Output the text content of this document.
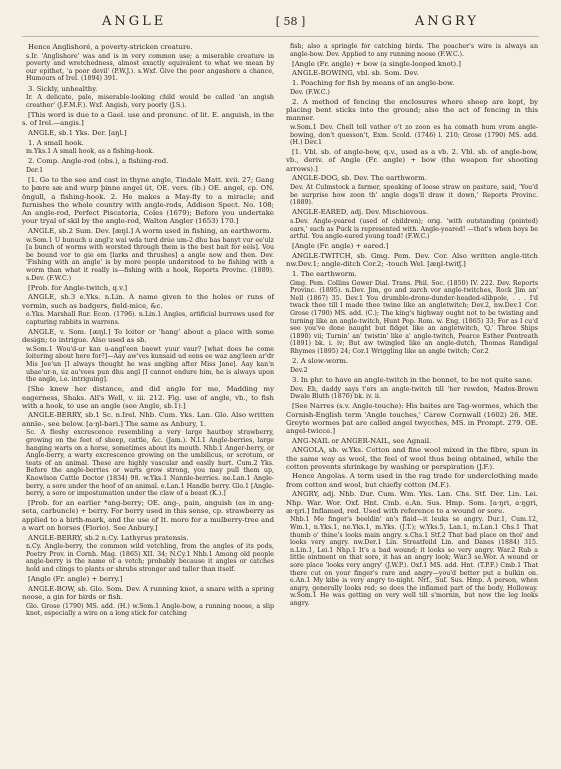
ANGLE	[ 58 ]	ANGRY

Hence Anglishoré, a poverty-stricken creature.

s.Ir. 'Anglishore' was and is in very common use; a miserable creature in poverty and wretchedness, almost exactly equivalent to what we mean by our epithet, 'a poor devil' (P.W.J.). s.Wxf. Give the poor angashore a chance, Humours of Irel. (1894) 391.

3. Sickly, unhealthy.

Ir. A delicate, pale, miserable-looking child would be called 'an angish creather' (J.F.M.F.). Wxf. Angish, very poorly (J.S.).

[This word is due to a Gael. use and pronunc. of lit. E. anguish, in the s. of Irel.—angis.]

ANGLE, sb.1 Yks. Der. [aŋl.]

1. A small hook.

m.Yks.1 A small hook, as a fishing-hook.

2. Comp. Angle-rod (obs.), a fishing-rod.

Der.1

[1. Go to the see and cast in thyne angle, Tindale Matt. xvii. 27; Gang to þære sæ and wurp þinne angel út, OE. vers. (ib.) OE. angel, cp. ON. öngull, a fishing-hook. 2. He makes a May-fly to a miracle; and furnishes the whole country with angle-rods, Addison Spect. No. 108; An angle-rod, Perfect Piscatoria, Coles (1679); Before you undertake your tryal of skil by the angle-rod, Walton Angler (1653) 170.]

ANGLE, sb.2 Sum. Dev. [æŋl.] A worm used in fishing, an earthworm.

w.Som.1 U bunuch u angl'z wai wda turd drúe um-2 dhu bas banyt vur ee'ulz [a bunch of worms with worsted through them is the best bait for eels]. Vou be bound vor to gie em [larks and thrushes] a angle now and then. Dev. 'Fishing with an angle' is by more people understood to be fishing with a worm than what it really is—fishing with a hook, Reports Provinc. (1889). s.Dev. (F.W.C.)

[Prob. for Angle-twitch, q.v.]

ANGLE, sb.3 e.Yks. n.Lin. A name given to the holes or runs of vermin, such as badgers, field-mice, &c.

e.Yks. Marshall Rur. Econ. (1796). n.Lin.1 Angles, artificial burrows used for capturing rabbits in warrens.

ANGLE, v. Som. [æŋl.] To loiter or 'hang' about a place with some design; to intrigue. Also used as sb.

w.Som.1 Wou'd-ur kan u-angl'een baewt yuur vaur? [what does he come loitering about here for?]—Aay aw'ves kunsaid ud eens ee waz ang'leen ar'dr Mis Jee'un [I always thought he was angling after Miss Jane]. Aay kan'n ubae'ur-n, úz au'vees pun dhu angl [I cannot endure him, he is always upon the angle, i.e. intriguing].

[She knew her distance, and did angle for me, Madding my eagerness, Shaks. All's Well, v. iii. 212. Fig. use of angle, vb., to fish with a hook, to use an angle (see Angle, sb.1).]

ANGLE-BERRY, sb.1 Sc. n.Irel. Nhb. Cum. Yks. Lan. Glo. Also written annle-, see below. [a·ŋl-bəri.] The same as Anbury, 1.

Sc. A fleshy excrescence resembling a very large hautboy strawberry, growing on the feet of sheep, cattle, &c. (Jam.). N.I.1 Angle-berries, large hanging warts on a horse, sometimes about its mouth. Nhb.1 Anger-berry, or Angle-berry, a warty excrescence growing on the umbilicus, or scrotum, or teats of an animal. These are highly vascular and easily hurt. Cum.2 Yks. Before the angle-berries or warts grow strong, you may pull them up, Knowlson Cattle Doctor (1834) 98. w.Yks.1 Nannle-berries. ne.Lan.1 Angle-berry, a sore under the hoof of an animal. e.Lan.1 Handle berry. Glo.1 [Angle-berry, a sore or impostumation under the claw of a beast (K.).]

[Prob. for an earlier *ang-berry; OE. ang-, pain, anguish (as in ang-seta, carbuncle) + berry. For berry used in this sense, cp. strawberry as applied to a birth-mark, and the use of It. moro for a mulberry-tree and a wart on horses (Florio). See Anbury.]

ANGLE-BERRY, sb.2 n.Cy. Lathyrus pratensis.

n.Cy. Angle-berry, the common wild vetchling, from the angles of its pods, Poetry Prov. in Cornh. Mag. (1865) XII. 34; N.Cy.1 Nhb.1 Among old people angle-berry is the name of a vetch; probably because it angles or catches hold and clings to plants or shrubs stronger and taller than itself.

[Angle (Fr. angle) + berry.]

ANGLE-BOW, sb. Glo. Som. Dev. A running knot, a snare with a spring noose, a gin for birds or fish.

Glo. Grose (1790) MS. add. (H.) w.Som.1 Angle-bow, a running noose, a slip knot, especially a wire on a long stick for catching

fish; also a springle for catching birds. The poacher's wire is always an angle-bow. Dev. Applied to any running noose (F.W.C.).

[Angle (Fr. angle) + bow (a single-looped knot).]

ANGLE-BOWING, vbl. sb. Som. Dev.

1. Poaching for fish by means of an angle-bow.

Dev. (F.W.C.)

2. A method of fencing the enclosures where sheep are kept, by placing bent sticks into the ground; also the act of fencing in this manner.

w.Som.1 Dev. Chell tell vather o't zo zoon es ha comath hum vrom angle-bowing, don't quesson't, Exm. Scold. (1746) l. 210; Grose (1790) MS. add. (H.) Dev.1

[1. Vbl. sb. of angle-bow, q.v., used as a vb. 2. Vbl. sb. of angle-bow, vb., deriv. of Angle (Fr. angle) + bow (the weapon for shooting arrows).]

ANGLE-DOG, sb. Dev. The earthworm.

Dev. At Culmstock a farmer, speaking of loose straw on pasture, said, 'You'd be surprise how zoon th' angle dogs'll draw it down,' Reports Provinc. (1889).

ANGLE-EARED, adj. Dev. Mischievous.

s.Dev. Angle-yeared (used of children); orig. 'with outstanding (pointed) ears,' such as Puck is represented with. Angle-yeared! —that's when boys be artful. You angle-eared young toad! (F.W.C.)

[Angle (Fr. angle) + eared.]

ANGLE-TWITCH, sb. Gmg. Pem. Dev. Cor. Also written angle-titch nw.Dev.1; angle-ditch Cor.2; -touch Wel. [æŋl-twitʃ.]

1. The earthworm.

Gmg. Pem. Collins Gower Dial. Trans. Phil. Soc. (1850) IV. 222. Dev. Reports Provinc. (1895). n.Dev. Jim, go and zarch vor angle-twitches, Rock Jim an' Nell (1867) 35. Dev.1 You drumble-drone-dunder-headed-slibpole, . . . I'd twack thee till I made thee twine like an angletwitch; Dev.2, nw.Dev.1 Cor. Grose (1790) MS. add. (C.); The king's highway ought not to be twisting and turning like an angle-twitch, Hunt Pop. Rom. w. Eng. (1865) 33; For as I cu'd see you've done naught but fidget like an angletwitch, 'Q.' Three Ships (1890) vii; Turnin' an' twistin' like a' angle-twitch, Pearce Esther Pentreath (1891) bk. i. iv; But aw twingled like an angle-dutch, Thomas Randigal Rhymes (1895) 24; Cor.1 Wriggling like an angle twitch; Cor.2

2. A slow-worm.

Dev.2

3. In phr. to have an angle-twitch in the bonnet, to be not quite sane.

Dev. Eh, daddy says t'ers an angle-twitch till 'her rewdon, Madox-Brown Dwale Bluth (1876) bk. iv. ii.

[See Narres (s.v. Angle-touche): His baites are Tag-wormes, which the Cornish-English term 'Angle touches,' Carew Cornwall (1602) 26. ME. Greyte wormes þat are called angel twycches, MS. in Prompt. 279. OE. angel-twicce.]

ANG-NAIL or ANGER-NAIL, see Agnail.

ANGOLA, sb. w.Yks. Cotton and fine wool mixed in the fibre, spun in the same way as wool, the feel of wool thus being obtained, while the cotton prevents shrinkage by washing or perspiration (J.F.).

Hence Angolas. A term used in the rag trade for underclothing made from cotton and wool, but chiefly cotton (M.F.).

ANGRY, adj. Nhb. Dur. Cum. Wm. Yks. Lan. Chs. Stf. Der. Lin. Lei. Nhp. War. Wor. Oxf. Hnt. Cmb. e.An. Sus. Hmp. Som. [a·ŋri, a·ŋgri, æ·ŋri.] Inflamed, red. Used with reference to a wound or sore.

Nhb.1 Me finger's beeldin' an's flaid—it leuks se angry. Dur.1, Cum.12, Wm.1, n.Yks.1, ne.Yks.1, m.Yks. (J.T.); w.Yks.5, Lan.1, m.Lan.1 Chs.1 That thumb o' thine's looks main angry. s.Chs.1 Stf.2 That bad place on thoi' and looks very angry. nw.Der.1 Lin. Streatfeild Lin. and Danes (1884) 315. n.Lin.1, Lei.1 Nhp.1 It's a bad wound; it looks so very angry. War.2 Rub a little ointment on that sore, it has an angry look; War.3 se.Wor. A wound or sore place 'looks very angry' (J.W.P.). Oxf.1 MS. add. Hnt. (T.P.F.) Cmb.1 That there cut on your finger's rare and angry—you'd better put a bulkin on. e.An.1 My kibe is very angry to-night. Nrf., Suf. Sus. Hmp. A person, when angry, generally looks red; so does the inflamed part of the body, Holloway. w.Som.1 He was getting on very well till s'mornin, but now the leg looks angry.
